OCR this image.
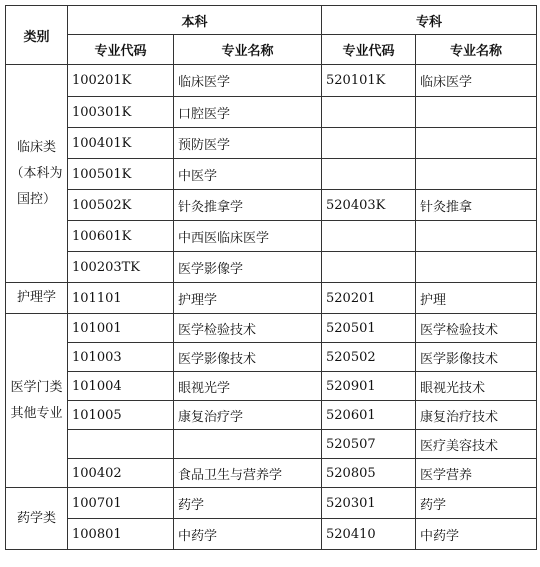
类别	本科		专科	
	专业代码	专业名称	专业代码	专业名称
临床类（本科为国控）	100201K	临床医学	520101K	临床医学
	100301K	口腔医学		
	100401K	预防医学		
	100501K	中医学		
	100502K	针灸推拿学	520403K	针灸推拿
	100601K	中西医临床医学		
	100203TK	医学影像学		
护理学	101101	护理学	520201	护理
医学门类其他专业	101001	医学检验技术	520501	医学检验技术
	101003	医学影像技术	520502	医学影像技术
	101004	眼视光学	520901	眼视光技术
	101005	康复治疗学	520601	康复治疗技术
			520507	医疗美容技术
	100402	食品卫生与营养学	520805	医学营养
药学类	100701	药学	520301	药学
	100801	中药学	520410	中药学
